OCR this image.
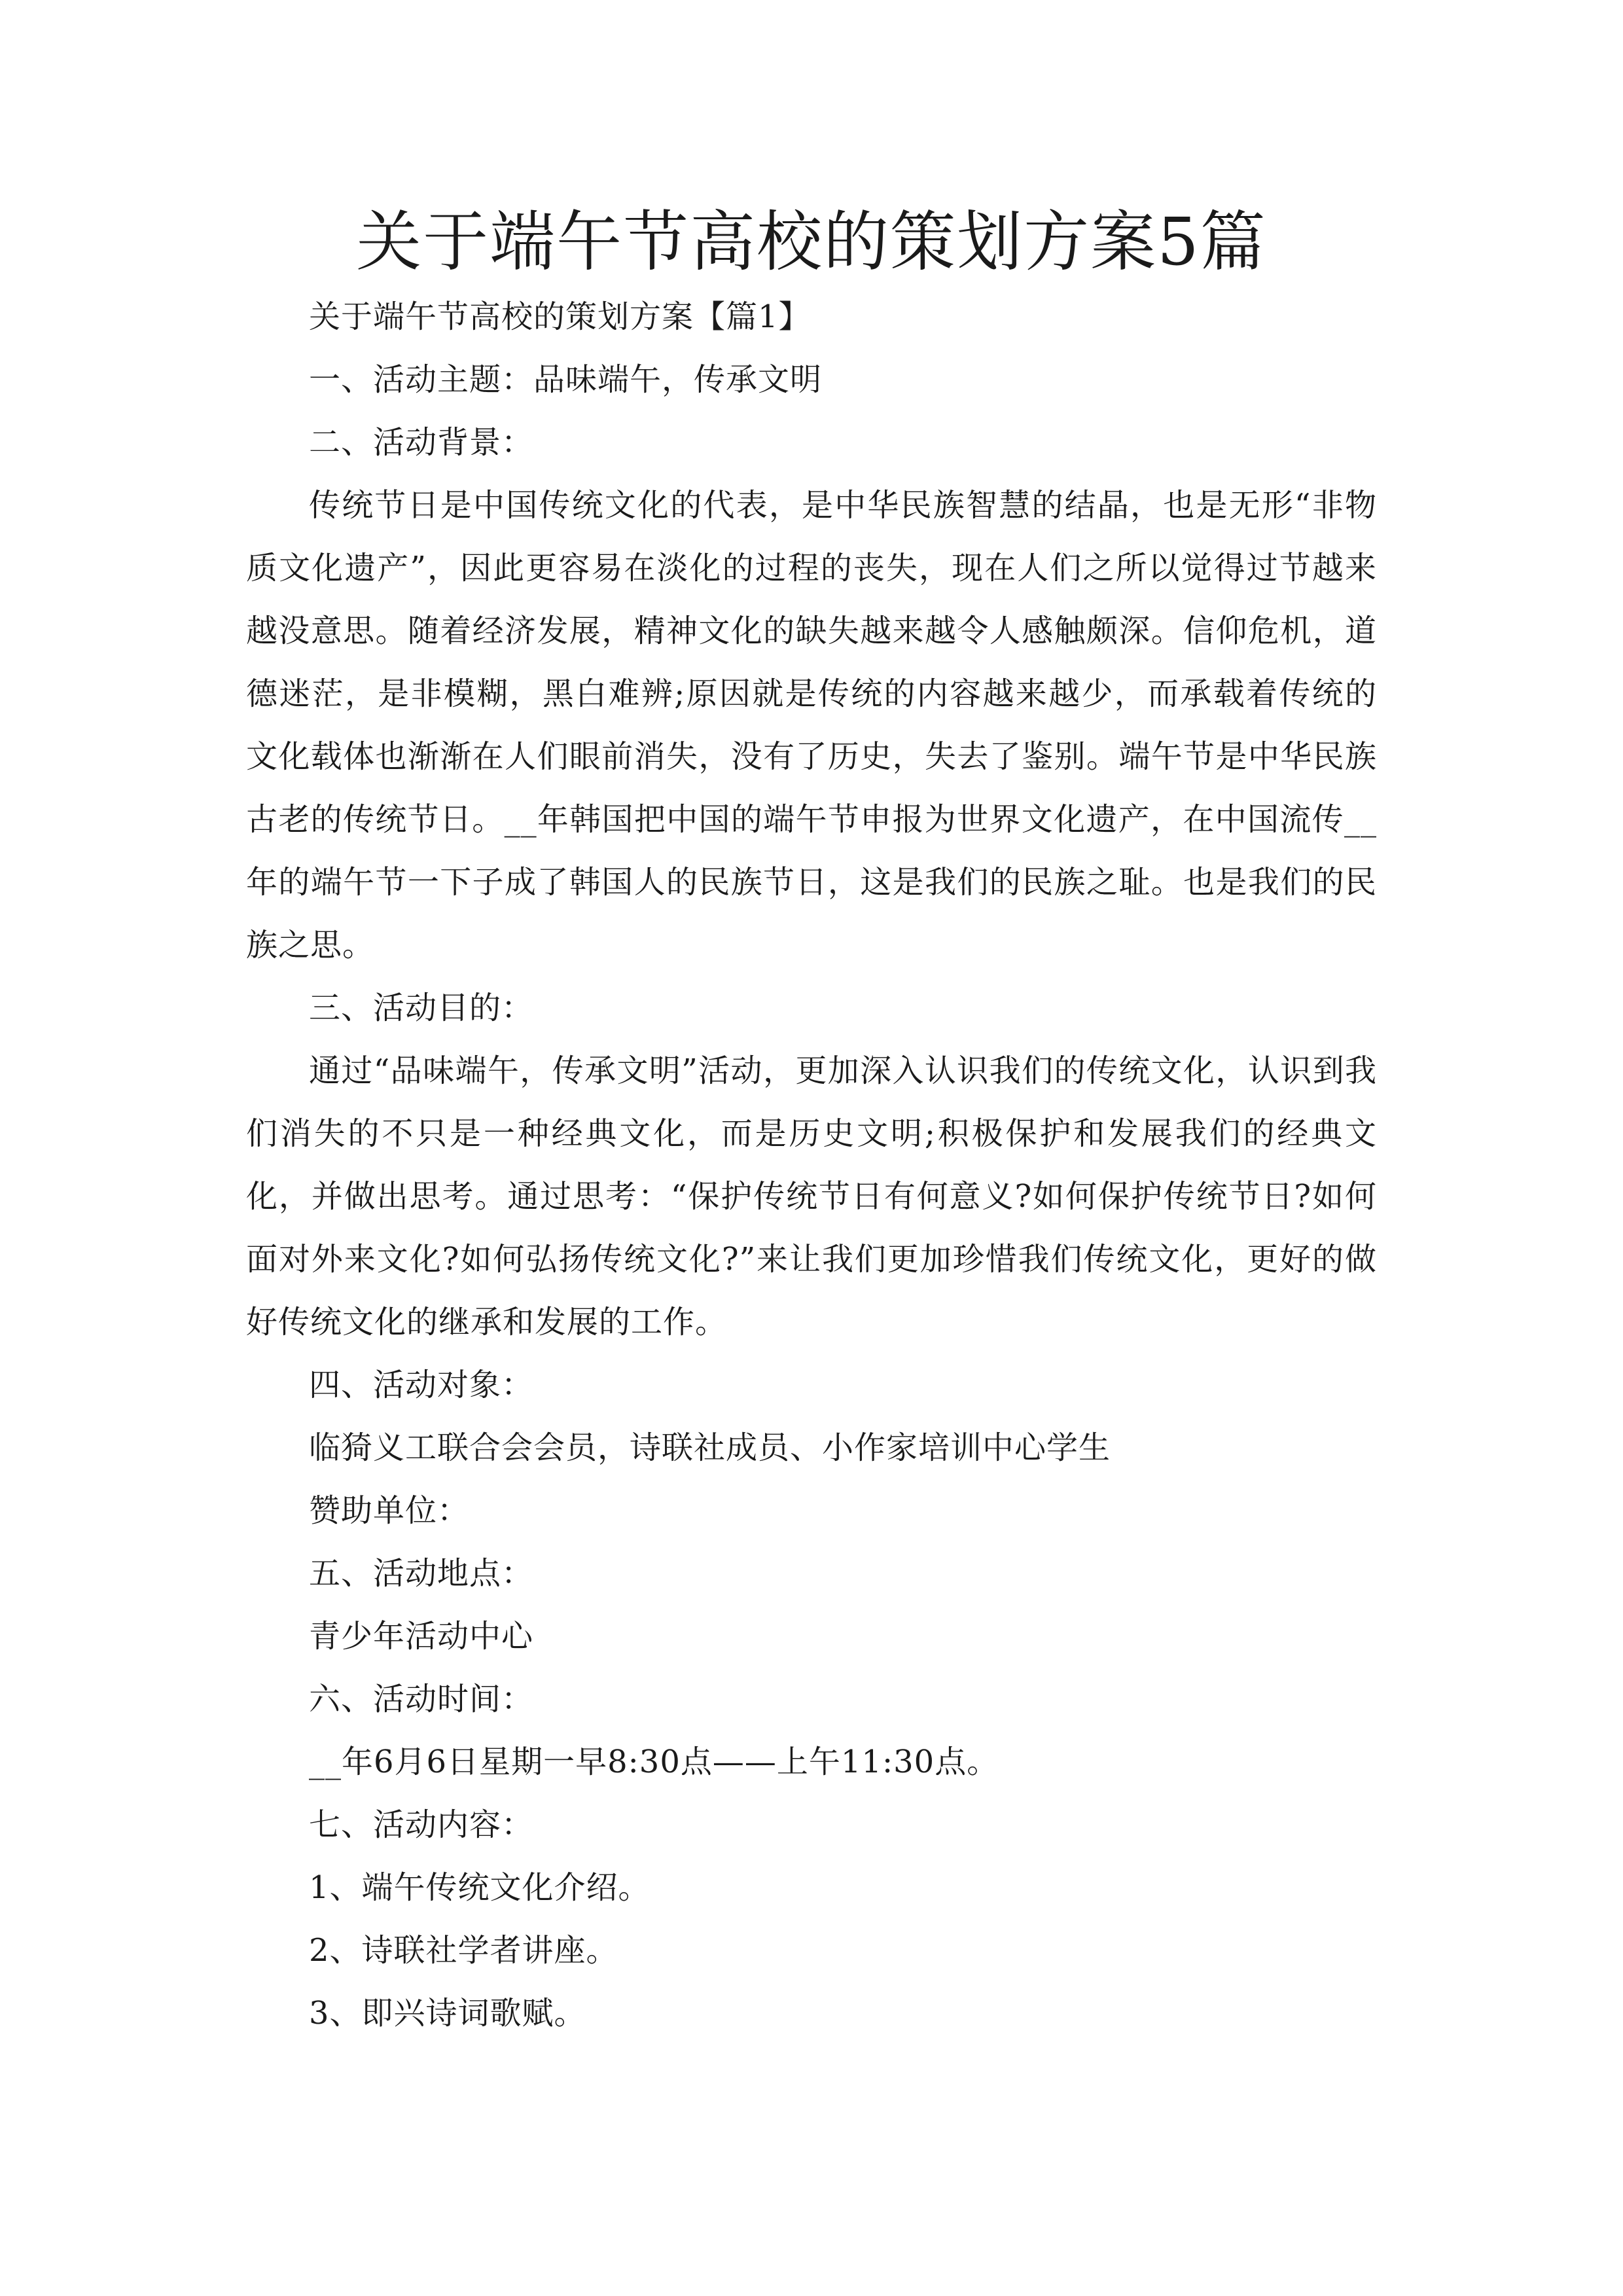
关于端午节高校的策划方案5篇

关于端午节高校的策划方案【篇1】

一、活动主题：品味端午，传承文明

二、活动背景：

传统节日是中国传统文化的代表，是中华民族智慧的结晶，也是无形“非物质文化遗产”，因此更容易在淡化的过程的丧失，现在人们之所以觉得过节越来越没意思。随着经济发展，精神文化的缺失越来越令人感触颇深。信仰危机，道德迷茫，是非模糊，黑白难辨;原因就是传统的内容越来越少，而承载着传统的文化载体也渐渐在人们眼前消失，没有了历史，失去了鉴别。端午节是中华民族古老的传统节日。__年韩国把中国的端午节申报为世界文化遗产，在中国流传__年的端午节一下子成了韩国人的民族节日，这是我们的民族之耻。也是我们的民族之思。

三、活动目的：

通过“品味端午，传承文明”活动，更加深入认识我们的传统文化，认识到我们消失的不只是一种经典文化，而是历史文明;积极保护和发展我们的经典文化，并做出思考。通过思考：“保护传统节日有何意义?如何保护传统节日?如何面对外来文化?如何弘扬传统文化?”来让我们更加珍惜我们传统文化，更好的做好传统文化的继承和发展的工作。

四、活动对象：

临猗义工联合会会员，诗联社成员、小作家培训中心学生

赞助单位：

五、活动地点：

青少年活动中心

六、活动时间：

__年6月6日星期一早8:30点——上午11:30点。

七、活动内容：

1、端午传统文化介绍。

2、诗联社学者讲座。

3、即兴诗词歌赋。
